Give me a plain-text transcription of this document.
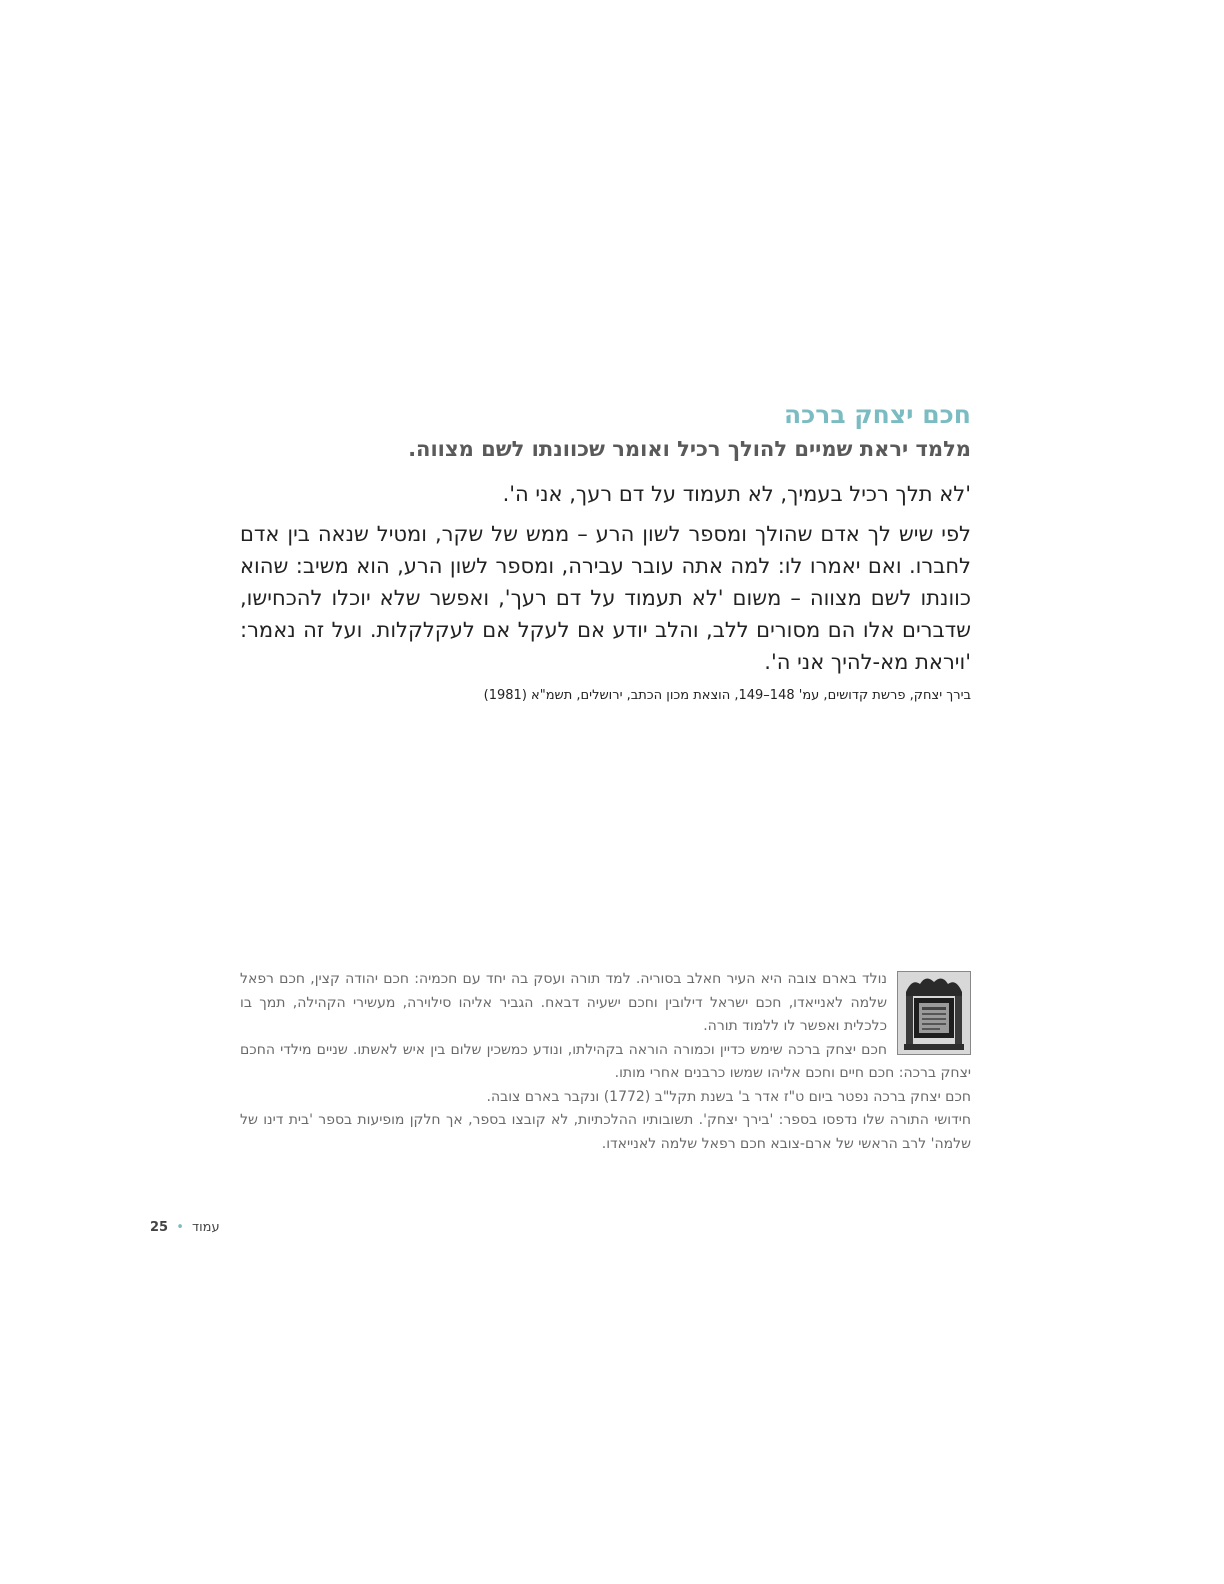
חכם יצחק ברכה
מלמד יראת שמיים להולך רכיל ואומר שכוונתו לשם מצווה.

'לא תלך רכיל בעמיך, לא תעמוד על דם רעך, אני ה'.

לפי שיש לך אדם שהולך ומספר לשון הרע – ממש של שקר, ומטיל שנאה בין אדם לחברו. ואם יאמרו לו: למה אתה עובר עבירה, ומספר לשון הרע, הוא משיב: שהוא כוונתו לשם מצווה – משום 'לא תעמוד על דם רעך', ואפשר שלא יוכלו להכחישו, שדברים אלו הם מסורים ללב, והלב יודע אם לעקל אם לעקלקלות. ועל זה נאמר: 'ויראת מא-להיך אני ה'.

בירך יצחק, פרשת קדושים, עמ' 148–149, הוצאת מכון הכתב, ירושלים, תשמ"א (1981)

נולד בארם צובה היא העיר חאלב בסוריה. למד תורה ועסק בה יחד עם חכמיה: חכם יהודה קצין, חכם רפאל שלמה לאנייאדו, חכם ישראל דילובין וחכם ישעיה דבאח. הגביר אליהו סילוירה, מעשירי הקהילה, תמך בו כלכלית ואפשר לו ללמוד תורה.

חכם יצחק ברכה שימש כדיין וכמורה הוראה בקהילתו, ונודע כמשכין שלום בין איש לאשתו. שניים מילדי החכם יצחק ברכה: חכם חיים וחכם אליהו שמשו כרבנים אחרי מותו.

חכם יצחק ברכה נפטר ביום ט"ז אדר ב' בשנת תקל"ב (1772) ונקבר בארם צובה.

חידושי התורה שלו נדפסו בספר: 'בירך יצחק'. תשובותיו ההלכתיות, לא קובצו בספר, אך חלקן מופיעות בספר 'בית דינו של שלמה' לרב הראשי של ארם-צובא חכם רפאל שלמה לאנייאדו.

עמוד • 25
